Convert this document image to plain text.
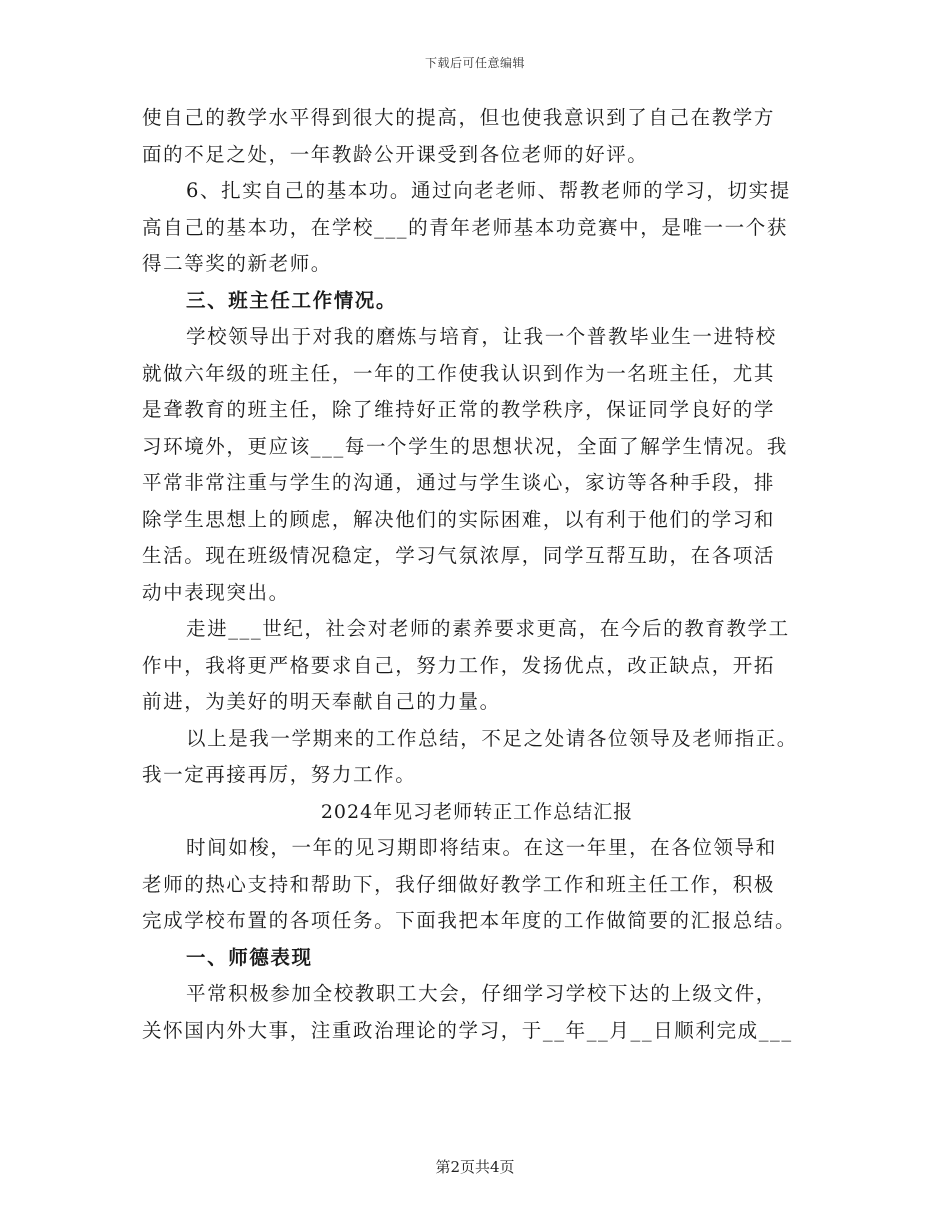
下载后可任意编辑
使自己的教学水平得到很大的提高，但也使我意识到了自己在教学方
面的不足之处，一年教龄公开课受到各位老师的好评。
6、扎实自己的基本功。通过向老老师、帮教老师的学习，切实提
高自己的基本功，在学校___的青年老师基本功竞赛中，是唯一一个获
得二等奖的新老师。
三、班主任工作情况。
学校领导出于对我的磨炼与培育，让我一个普教毕业生一进特校
就做六年级的班主任，一年的工作使我认识到作为一名班主任，尤其
是聋教育的班主任，除了维持好正常的教学秩序，保证同学良好的学
习环境外，更应该___每一个学生的思想状况，全面了解学生情况。我
平常非常注重与学生的沟通，通过与学生谈心，家访等各种手段，排
除学生思想上的顾虑，解决他们的实际困难，以有利于他们的学习和
生活。现在班级情况稳定，学习气氛浓厚，同学互帮互助，在各项活
动中表现突出。
走进___世纪，社会对老师的素养要求更高，在今后的教育教学工
作中，我将更严格要求自己，努力工作，发扬优点，改正缺点，开拓
前进，为美好的明天奉献自己的力量。
以上是我一学期来的工作总结，不足之处请各位领导及老师指正。
我一定再接再厉，努力工作。
2024年见习老师转正工作总结汇报
时间如梭，一年的见习期即将结束。在这一年里，在各位领导和
老师的热心支持和帮助下，我仔细做好教学工作和班主任工作，积极
完成学校布置的各项任务。下面我把本年度的工作做简要的汇报总结。
一、师德表现
平常积极参加全校教职工大会，仔细学习学校下达的上级文件，
关怀国内外大事，注重政治理论的学习，于__年__月__日顺利完成___
第2页共4页
